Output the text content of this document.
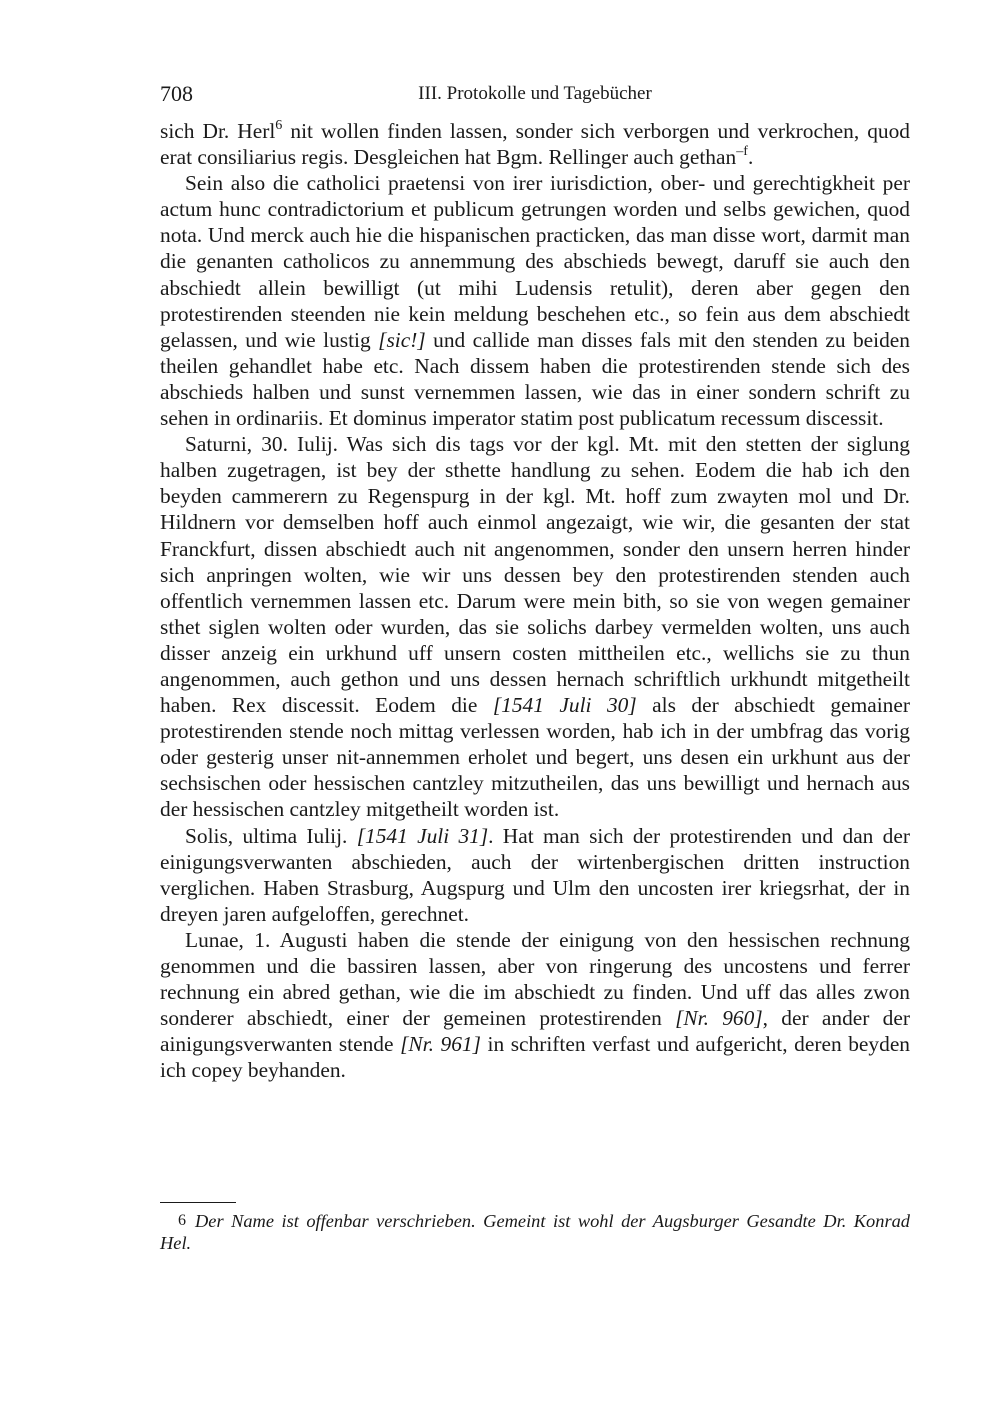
708	III. Protokolle und Tagebücher

sich Dr. Herl$^6$ nit wollen finden lassen, sonder sich verborgen und verkrochen, quod erat consiliarius regis. Desgleichen hat Bgm. Rellinger auch gethan$^{-f}$.

Sein also die catholici praetensi von irer iurisdiction, ober- und gerechtigkheit per actum hunc contradictorium et publicum getrungen worden und selbs gewichen, quod nota. Und merck auch hie die hispanischen practicken, das man disse wort, darmit man die genanten catholicos zu annemmung des abschieds bewegt, daruff sie auch den abschiedt allein bewilligt (ut mihi Ludensis retulit), deren aber gegen den protestirenden steenden nie kein meldung beschehen etc., so fein aus dem abschiedt gelassen, und wie lustig [sic!] und callide man disses fals mit den stenden zu beiden theilen gehandlet habe etc. Nach dissem haben die protestirenden stende sich des abschieds halben und sunst vernemmen lassen, wie das in einer sondern schrift zu sehen in ordinariis. Et dominus imperator statim post publicatum recessum discessit.

Saturni, 30. Iulij. Was sich dis tags vor der kgl. Mt. mit den stetten der siglung halben zugetragen, ist bey der sthette handlung zu sehen. Eodem die hab ich den beyden cammerern zu Regenspurg in der kgl. Mt. hoff zum zwayten mol und Dr. Hildnern vor demselben hoff auch einmol angezaigt, wie wir, die gesanten der stat Franckfurt, dissen abschiedt auch nit angenommen, sonder den unsern herren hinder sich anpringen wolten, wie wir uns dessen bey den protestirenden stenden auch offentlich vernemmen lassen etc. Darum were mein bith, so sie von wegen gemainer sthet siglen wolten oder wurden, das sie solichs darbey vermelden wolten, uns auch disser anzeig ein urkhund uff unsern costen mittheilen etc., wellichs sie zu thun angenommen, auch gethon und uns dessen hernach schriftlich urkhundt mitgetheilt haben. Rex discessit. Eodem die [1541 Juli 30] als der abschiedt gemainer protestirenden stende noch mittag verlessen worden, hab ich in der umbfrag das vorig oder gesterig unser nit-annemmen erholet und begert, uns desen ein urkhunt aus der sechsischen oder hessischen cantzley mitzutheilen, das uns bewilligt und hernach aus der hessischen cantzley mitgetheilt worden ist.

Solis, ultima Iulij. [1541 Juli 31]. Hat man sich der protestirenden und dan der einigungsverwanten abschieden, auch der wirtenbergischen dritten instruction verglichen. Haben Strasburg, Augspurg und Ulm den uncosten irer kriegsrhat, der in dreyen jaren aufgeloffen, gerechnet.

Lunae, 1. Augusti haben die stende der einigung von den hessischen rechnung genommen und die bassiren lassen, aber von ringerung des uncostens und ferrer rechnung ein abred gethan, wie die im abschiedt zu finden. Und uff das alles zwon sonderer abschiedt, einer der gemeinen protestirenden [Nr. 960], der ander der ainigungsverwanten stende [Nr. 961] in schriften verfast und aufgericht, deren beyden ich copey beyhanden.

6 Der Name ist offenbar verschrieben. Gemeint ist wohl der Augsburger Gesandte Dr. Konrad Hel.
